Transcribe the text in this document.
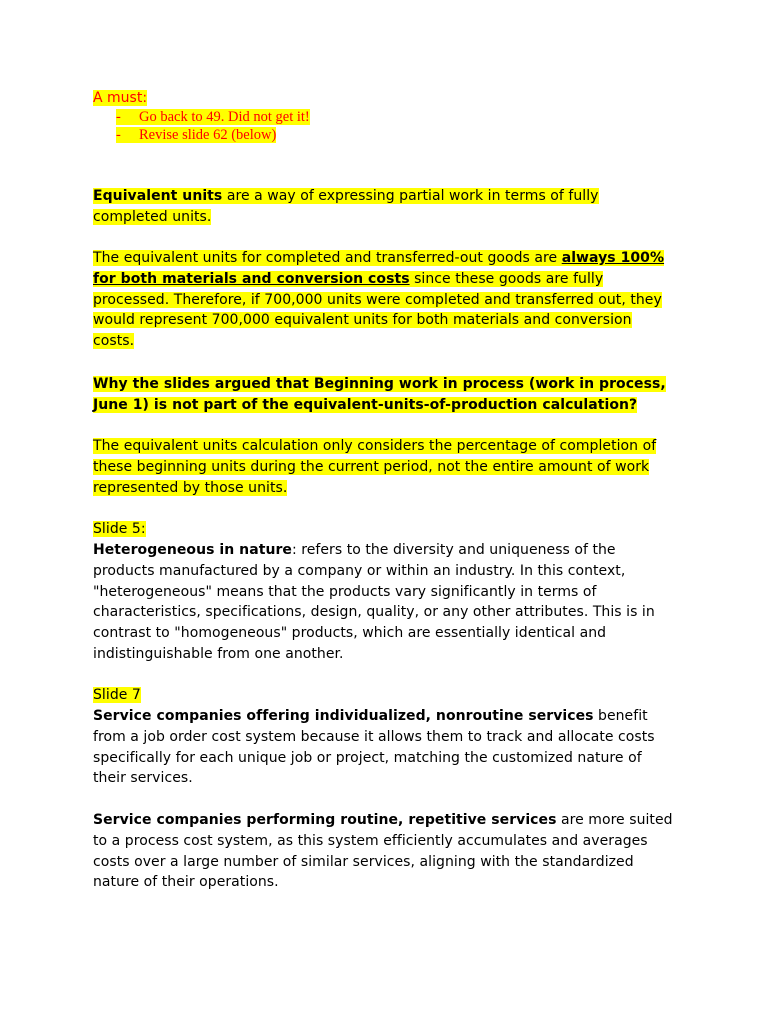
A must:
- Go back to 49. Did not get it!
- Revise slide 62 (below)

Equivalent units are a way of expressing partial work in terms of fully completed units.

The equivalent units for completed and transferred-out goods are always 100% for both materials and conversion costs since these goods are fully processed. Therefore, if 700,000 units were completed and transferred out, they would represent 700,000 equivalent units for both materials and conversion costs.

Why the slides argued that Beginning work in process (work in process, June 1) is not part of the equivalent-units-of-production calculation?

The equivalent units calculation only considers the percentage of completion of these beginning units during the current period, not the entire amount of work represented by those units.

Slide 5:

Heterogeneous in nature: refers to the diversity and uniqueness of the products manufactured by a company or within an industry. In this context, "heterogeneous" means that the products vary significantly in terms of characteristics, specifications, design, quality, or any other attributes. This is in contrast to "homogeneous" products, which are essentially identical and indistinguishable from one another.

Slide 7

Service companies offering individualized, nonroutine services benefit from a job order cost system because it allows them to track and allocate costs specifically for each unique job or project, matching the customized nature of their services.

Service companies performing routine, repetitive services are more suited to a process cost system, as this system efficiently accumulates and averages costs over a large number of similar services, aligning with the standardized nature of their operations.
